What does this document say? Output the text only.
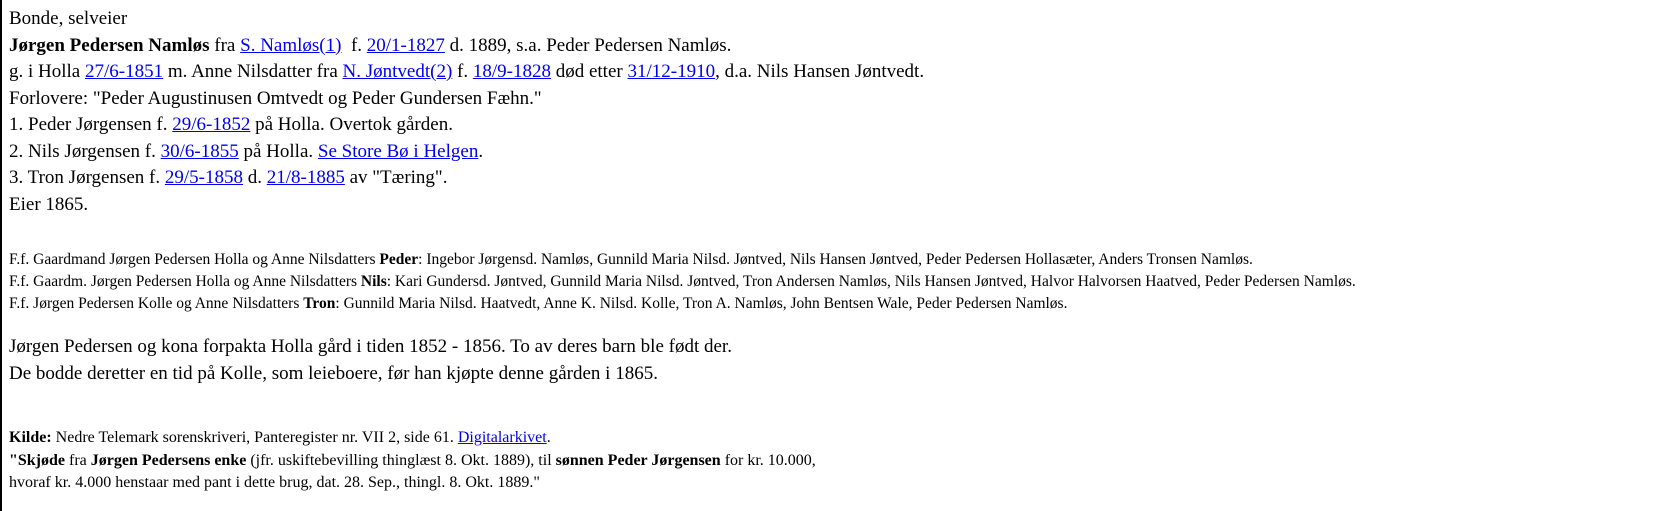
Bonde, selveier
Jørgen Pedersen Namløs fra S. Namløs(1)  f. 20/1-1827 d. 1889, s.a. Peder Pedersen Namløs.
g. i Holla 27/6-1851 m. Anne Nilsdatter fra N. Jøntvedt(2) f. 18/9-1828 død etter 31/12-1910, d.a. Nils Hansen Jøntvedt.
Forlovere: "Peder Augustinusen Omtvedt og Peder Gundersen Fæhn."
1. Peder Jørgensen f. 29/6-1852 på Holla. Overtok gården.
2. Nils Jørgensen f. 30/6-1855 på Holla. Se Store Bø i Helgen.
3. Tron Jørgensen f. 29/5-1858 d. 21/8-1885 av "Tæring".
Eier 1865.
F.f. Gaardmand Jørgen Pedersen Holla og Anne Nilsdatters Peder: Ingebor Jørgensd. Namløs, Gunnild Maria Nilsd. Jøntved, Nils Hansen Jøntved, Peder Pedersen Hollasæter, Anders Tronsen Namløs.
F.f. Gaardm. Jørgen Pedersen Holla og Anne Nilsdatters Nils: Kari Gundersd. Jøntved, Gunnild Maria Nilsd. Jøntved, Tron Andersen Namløs, Nils Hansen Jøntved, Halvor Halvorsen Haatved, Peder Pedersen Namløs.
F.f. Jørgen Pedersen Kolle og Anne Nilsdatters Tron: Gunnild Maria Nilsd. Haatvedt, Anne K. Nilsd. Kolle, Tron A. Namløs, John Bentsen Wale, Peder Pedersen Namløs.
Jørgen Pedersen og kona forpakta Holla gård i tiden 1852 - 1856. To av deres barn ble født der.
De bodde deretter en tid på Kolle, som leieboere, før han kjøpte denne gården i 1865.
Kilde: Nedre Telemark sorenskriveri, Panteregister nr. VII 2, side 61. Digitalarkivet.
"Skjøde fra Jørgen Pedersens enke (jfr. uskiftebevilling thinglæst 8. Okt. 1889), til sønnen Peder Jørgensen for kr. 10.000,
hvoraf kr. 4.000 henstaar med pant i dette brug, dat. 28. Sep., thingl. 8. Okt. 1889."
